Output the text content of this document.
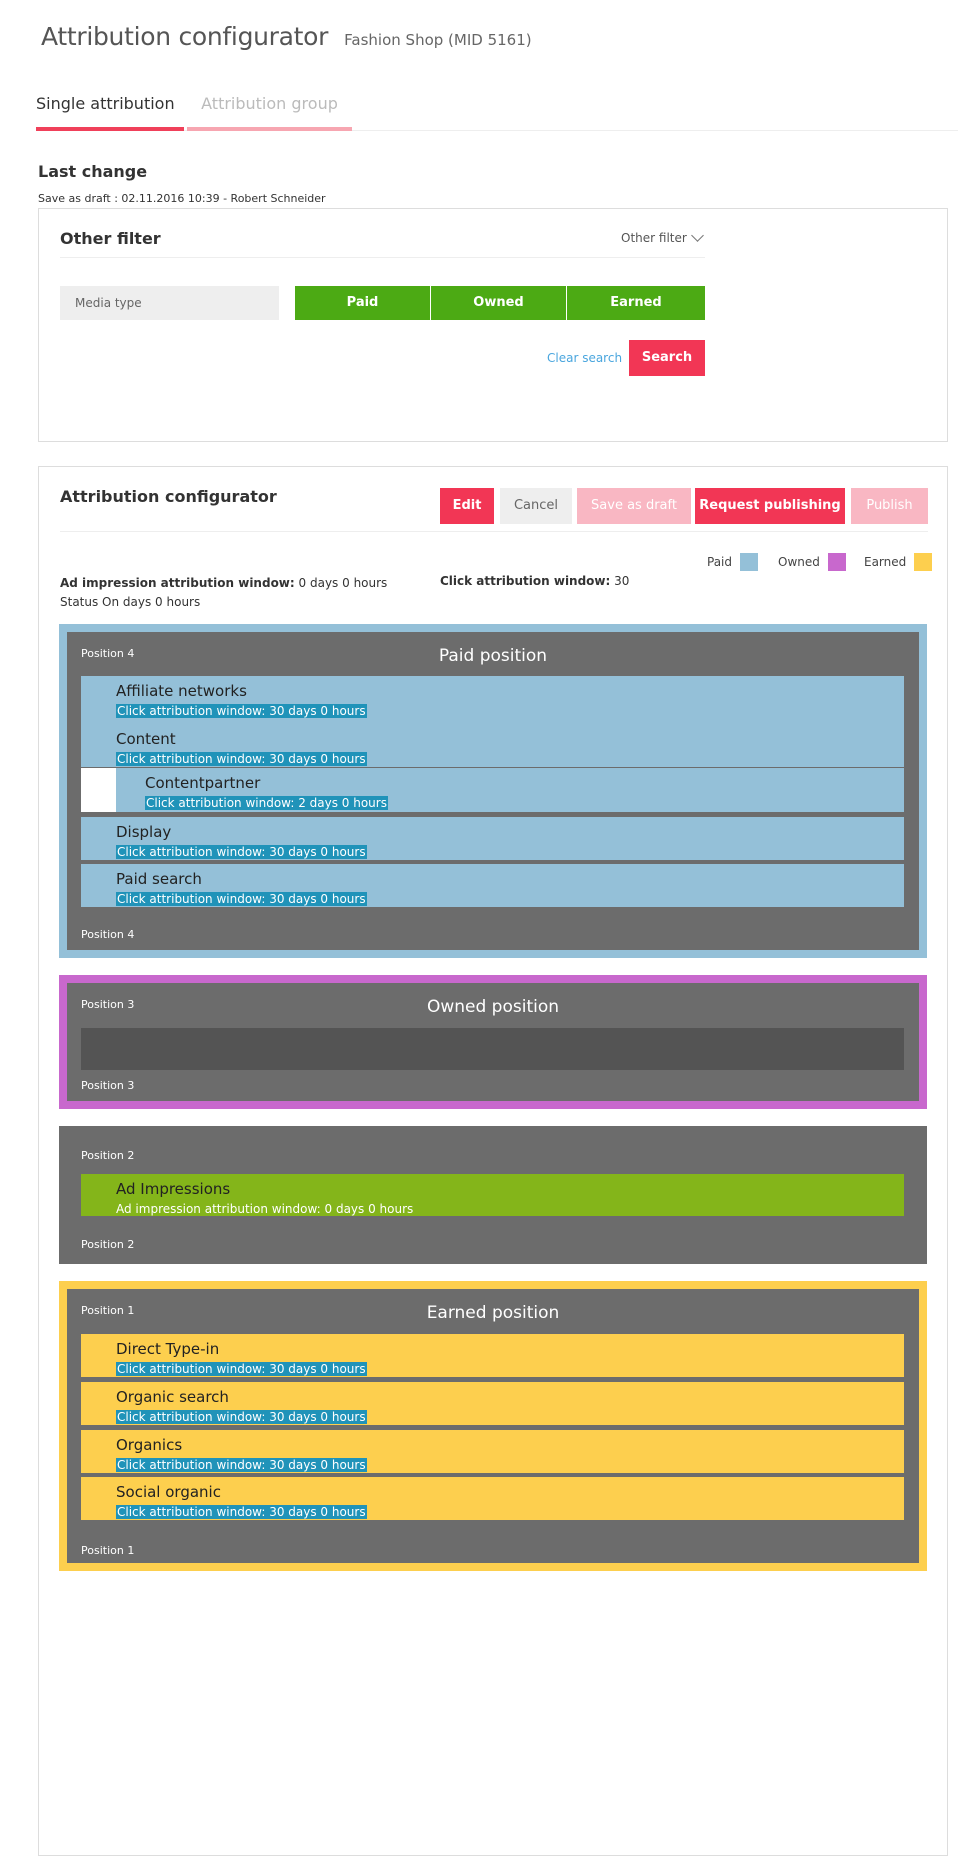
Attribution configurator Fashion Shop (MID 5161)
Single attribution	Attribution group
Last change
Save as draft : 02.11.2016 10:39 - Robert Schneider
Other filter	Other filter
Media type	Paid	Owned	Earned
Clear search	Search
Attribution configurator	Edit	Cancel	Save as draft	Request publishing	Publish
Paid	Owned	Earned
Ad impression attribution window: 0 days 0 hours Status On days 0 hours
Click attribution window: 30
Position 4	Paid position
Affiliate networks
Click attribution window: 30 days 0 hours
Content
Click attribution window: 30 days 0 hours
Contentpartner
Click attribution window: 2 days 0 hours
Display
Click attribution window: 30 days 0 hours
Paid search
Click attribution window: 30 days 0 hours
Position 4
Position 3	Owned position
Position 3
Position 2
Ad Impressions
Ad impression attribution window: 0 days 0 hours
Position 2
Position 1	Earned position
Direct Type-in
Click attribution window: 30 days 0 hours
Organic search
Click attribution window: 30 days 0 hours
Organics
Click attribution window: 30 days 0 hours
Social organic
Click attribution window: 30 days 0 hours
Position 1
